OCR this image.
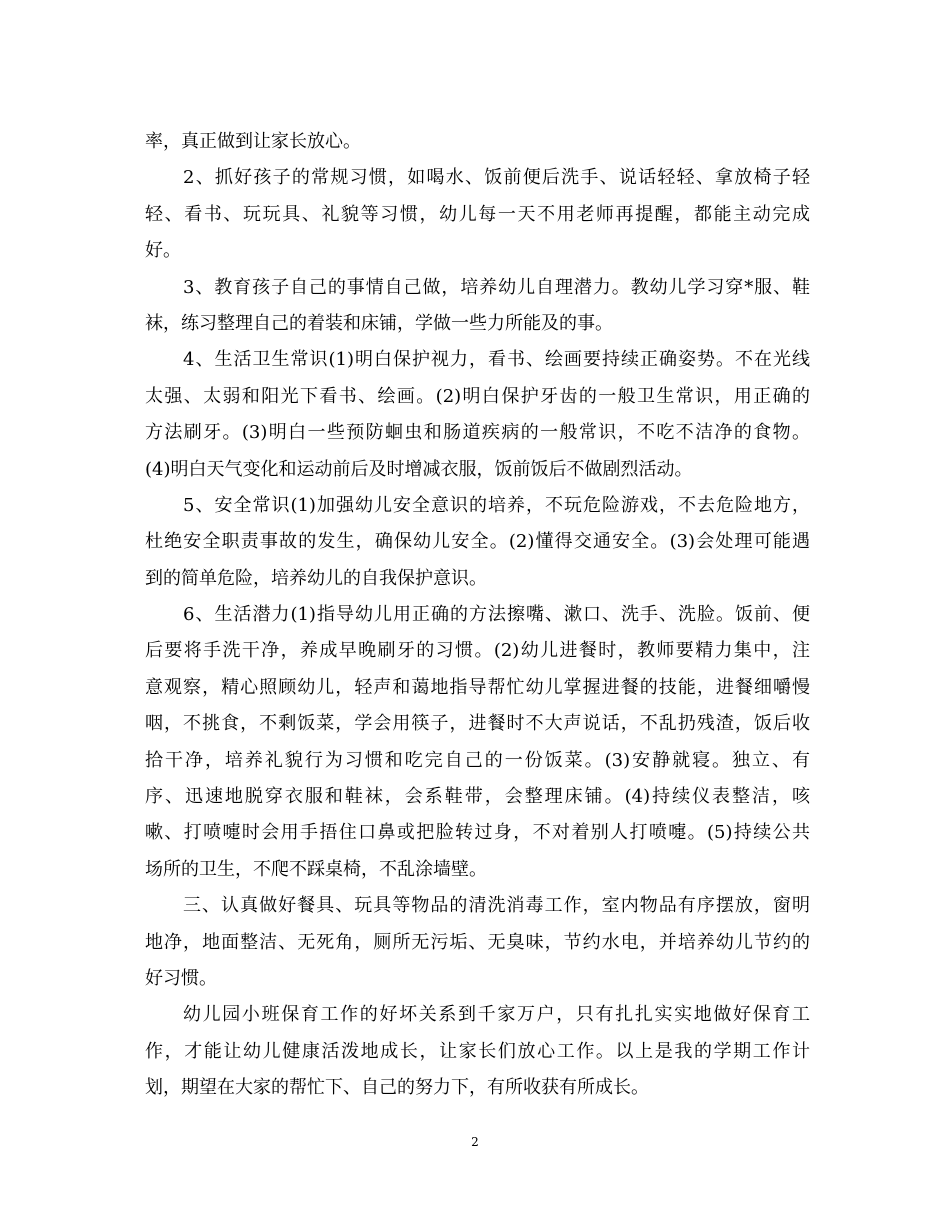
率，真正做到让家长放心。
2、抓好孩子的常规习惯，如喝水、饭前便后洗手、说话轻轻、拿放椅子轻
轻、看书、玩玩具、礼貌等习惯，幼儿每一天不用老师再提醒，都能主动完成
好。
3、教育孩子自己的事情自己做，培养幼儿自理潜力。教幼儿学习穿*服、鞋
袜，练习整理自己的着装和床铺，学做一些力所能及的事。
4、生活卫生常识(1)明白保护视力，看书、绘画要持续正确姿势。不在光线
太强、太弱和阳光下看书、绘画。(2)明白保护牙齿的一般卫生常识，用正确的
方法刷牙。(3)明白一些预防蛔虫和肠道疾病的一般常识，不吃不洁净的食物。
(4)明白天气变化和运动前后及时增减衣服，饭前饭后不做剧烈活动。
5、安全常识(1)加强幼儿安全意识的培养，不玩危险游戏，不去危险地方，
杜绝安全职责事故的发生，确保幼儿安全。(2)懂得交通安全。(3)会处理可能遇
到的简单危险，培养幼儿的自我保护意识。
6、生活潜力(1)指导幼儿用正确的方法擦嘴、漱口、洗手、洗脸。饭前、便
后要将手洗干净，养成早晚刷牙的习惯。(2)幼儿进餐时，教师要精力集中，注
意观察，精心照顾幼儿，轻声和蔼地指导帮忙幼儿掌握进餐的技能，进餐细嚼慢
咽，不挑食，不剩饭菜，学会用筷子，进餐时不大声说话，不乱扔残渣，饭后收
拾干净，培养礼貌行为习惯和吃完自己的一份饭菜。(3)安静就寝。独立、有
序、迅速地脱穿衣服和鞋袜，会系鞋带，会整理床铺。(4)持续仪表整洁，咳
嗽、打喷嚏时会用手捂住口鼻或把脸转过身，不对着别人打喷嚏。(5)持续公共
场所的卫生，不爬不踩桌椅，不乱涂墙壁。
三、认真做好餐具、玩具等物品的清洗消毒工作，室内物品有序摆放，窗明
地净，地面整洁、无死角，厕所无污垢、无臭味，节约水电，并培养幼儿节约的
好习惯。
幼儿园小班保育工作的好坏关系到千家万户，只有扎扎实实地做好保育工
作，才能让幼儿健康活泼地成长，让家长们放心工作。以上是我的学期工作计
划，期望在大家的帮忙下、自己的努力下，有所收获有所成长。
2
